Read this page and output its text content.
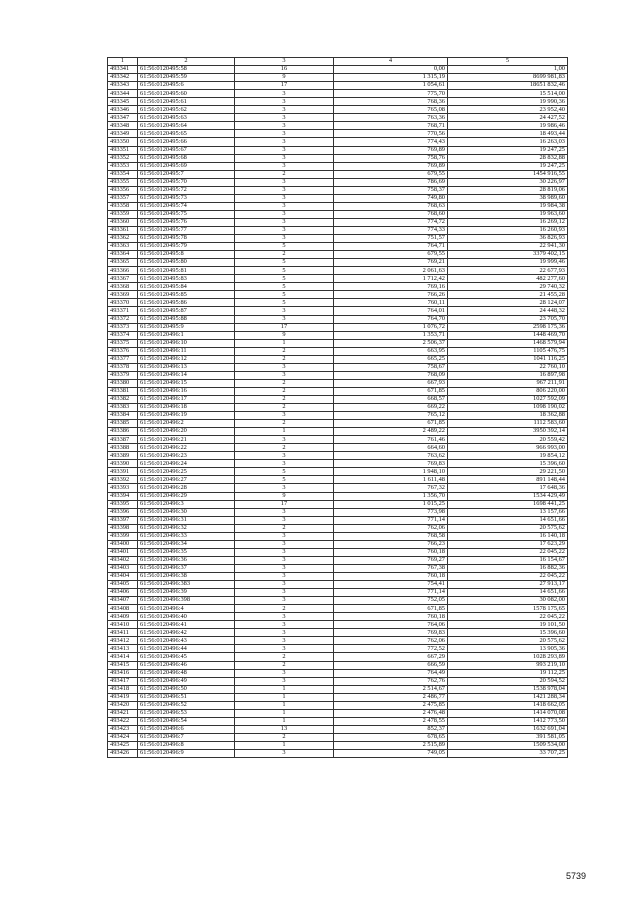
1	2	3	4	5
493341	61:56:0120495:58	16	0,00	1,00
493342	61:56:0120495:59	9	1 315,19	8699 981,83
493343	61:56:0120495:6	17	1 054,61	18651 832,46
493344	61:56:0120495:60	3	775,70	15 514,00
493345	61:56:0120495:61	3	768,36	19 990,36
493346	61:56:0120495:62	3	765,08	23 952,40
493347	61:56:0120495:63	3	763,36	24 427,52
493348	61:56:0120495:64	3	768,71	19 986,46
493349	61:56:0120495:65	3	770,56	18 493,44
493350	61:56:0120495:66	3	774,43	16 263,03
493351	61:56:0120495:67	3	769,89	19 247,25
493352	61:56:0120495:68	3	758,76	28 832,88
493353	61:56:0120495:69	3	769,89	19 247,25
493354	61:56:0120495:7	2	679,55	1454 916,55
493355	61:56:0120495:70	3	786,69	30 226,97
493356	61:56:0120495:72	3	758,37	28 819,06
493357	61:56:0120495:73	3	749,80	38 989,60
493358	61:56:0120495:74	3	768,63	19 984,38
493359	61:56:0120495:75	3	768,60	19 963,60
493360	61:56:0120495:76	3	774,72	16 269,12
493361	61:56:0120495:77	3	774,33	16 260,93
493362	61:56:0120495:78	3	751,57	36 826,93
493363	61:56:0120495:79	5	764,71	22 941,30
493364	61:56:0120495:8	2	679,55	3379 402,15
493365	61:56:0120495:80	5	769,21	19 999,46
493366	61:56:0120495:81	5	2 061,63	22 677,93
493367	61:56:0120495:83	5	1 712,42	482 277,60
493368	61:56:0120495:84	5	769,16	29 740,32
493369	61:56:0120495:85	5	766,26	21 455,28
493370	61:56:0120495:86	5	760,11	28 124,07
493371	61:56:0120495:87	3	764,01	24 448,32
493372	61:56:0120495:88	3	764,70	23 705,70
493373	61:56:0120495:9	17	1 076,72	2598 175,36
493374	61:56:0120496:1	9	1 353,71	1448 469,70
493375	61:56:0120496:10	1	2 506,37	1468 579,94
493376	61:56:0120496:11	2	663,95	1105 476,75
493377	61:56:0120496:12	2	665,25	1041 116,25
493378	61:56:0120496:13	3	758,67	22 760,10
493379	61:56:0120496:14	3	768,09	16 897,98
493380	61:56:0120496:15	2	667,93	967 211,91
493381	61:56:0120496:16	2	671,85	806 220,00
493382	61:56:0120496:17	2	668,57	1027 592,09
493383	61:56:0120496:18	2	669,22	1098 190,02
493384	61:56:0120496:19	3	765,12	18 362,88
493385	61:56:0120496:2	2	671,85	1112 583,60
493386	61:56:0120496:20	1	2 489,22	3950 392,14
493387	61:56:0120496:21	3	761,46	20 559,42
493388	61:56:0120496:22	2	664,60	966 993,00
493389	61:56:0120496:23	3	763,62	19 854,12
493390	61:56:0120496:24	3	769,83	15 396,60
493391	61:56:0120496:25	5	1 948,10	29 221,50
493392	61:56:0120496:27	5	1 611,48	891 148,44
493393	61:56:0120496:28	3	767,32	17 648,36
493394	61:56:0120496:29	9	1 356,70	1534 429,49
493395	61:56:0120496:3	17	1 015,25	1698 441,25
493396	61:56:0120496:30	3	773,98	13 157,66
493397	61:56:0120496:31	3	771,14	14 651,66
493398	61:56:0120496:32	2	762,06	20 575,62
493399	61:56:0120496:33	3	768,58	16 140,18
493400	61:56:0120496:34	3	766,23	17 623,29
493401	61:56:0120496:35	3	760,18	22 045,22
493402	61:56:0120496:36	3	769,27	16 154,67
493403	61:56:0120496:37	3	767,38	16 882,36
493404	61:56:0120496:38	3	760,18	22 045,22
493405	61:56:0120496:383	3	754,41	27 913,17
493406	61:56:0120496:39	3	771,14	14 651,66
493407	61:56:0120496:398	3	752,05	30 082,00
493408	61:56:0120496:4	2	671,85	1578 175,65
493409	61:56:0120496:40	3	760,18	22 045,22
493410	61:56:0120496:41	3	764,06	19 101,50
493411	61:56:0120496:42	3	769,83	15 396,60
493412	61:56:0120496:43	3	762,06	20 575,62
493413	61:56:0120496:44	3	772,52	13 905,36
493414	61:56:0120496:45	2	667,29	1028 293,89
493415	61:56:0120496:46	2	666,59	993 219,10
493416	61:56:0120496:48	3	764,49	19 112,25
493417	61:56:0120496:49	3	762,76	20 594,52
493418	61:56:0120496:50	1	2 514,67	1538 978,04
493419	61:56:0120496:51	1	2 486,77	1421 288,34
493420	61:56:0120496:52	1	2 475,85	1418 662,05
493421	61:56:0120496:53	1	2 476,48	1414 070,08
493422	61:56:0120496:54	1	2 478,55	1412 773,50
493423	61:56:0120496:6	13	852,37	1632 691,04
493424	61:56:0120496:7	2	678,65	391 581,05
493425	61:56:0120496:8	1	2 515,89	1509 534,00
493426	61:56:0120496:9	3	749,05	33 707,25
5739
